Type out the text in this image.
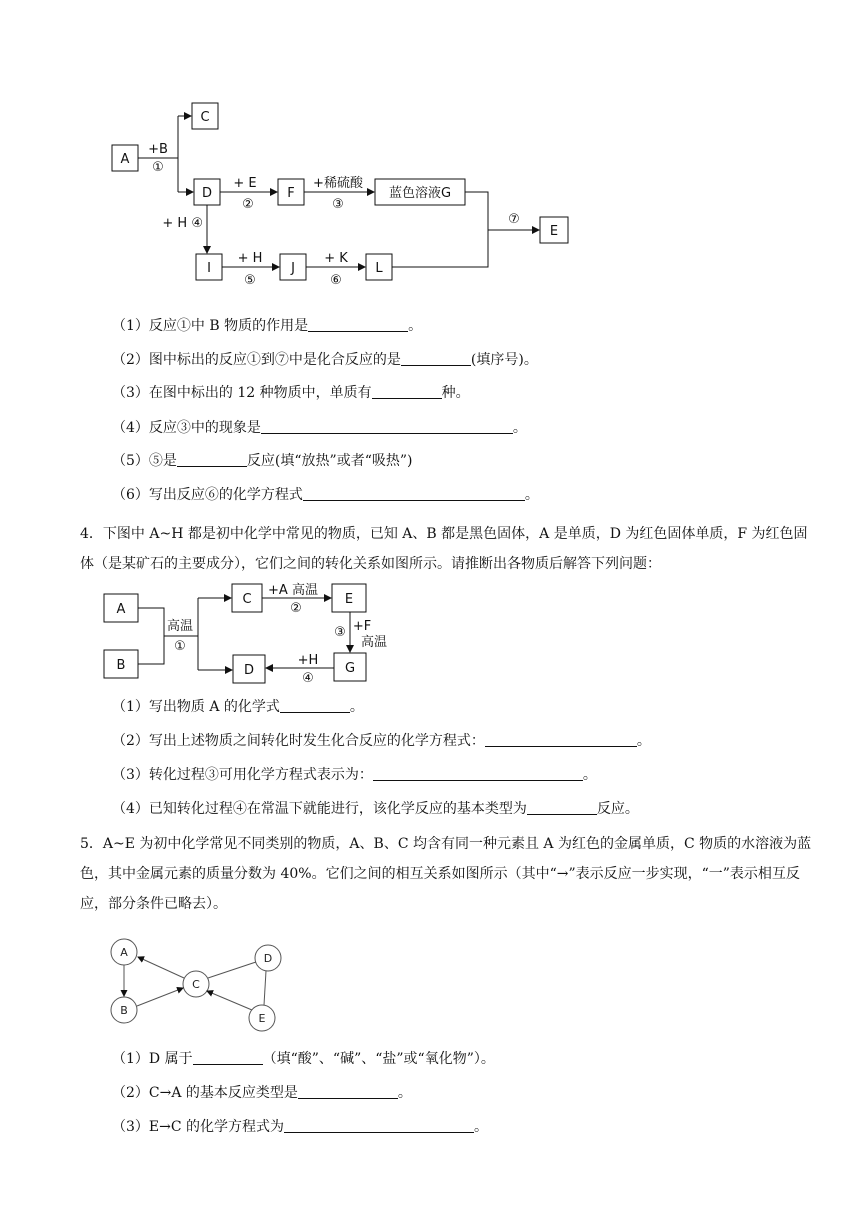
A
C
D	F	蓝色溶液G
E
I	J	L
+B
①
+ E
②
+稀硫酸
③
+ H ④
+ H
⑤
+ K
⑥
⑦
（1）反应①中 B 物质的作用是	。
（2）图中标出的反应①到⑦中是化合反应的是	(填序号)。
（3）在图中标出的 12 种物质中，单质有	种。
（4）反应③中的现象是	。
（5）⑤是	反应(填“放热”或者“吸热”)
（6）写出反应⑥的化学方程式	。
4．下图中 A~H 都是初中化学中常见的物质，已知 A、B 都是黑色固体，A 是单质，D 为红色固体单质，F 为红色固体（是某矿石的主要成分），它们之间的转化关系如图所示。请推断出各物质后解答下列问题：
A
B
C	E
D	G
高温
①
+A 高温
②
③ +F
高温
+H
④
（1）写出物质 A 的化学式	。
（2）写出上述物质之间转化时发生化合反应的化学方程式：	。
（3）转化过程③可用化学方程式表示为：	。
（4）已知转化过程④在常温下就能进行，该化学反应的基本类型为	反应。
5．A~E 为初中化学常见不同类别的物质，A、B、C 均含有同一种元素且 A 为红色的金属单质，C 物质的水溶液为蓝色，其中金属元素的质量分数为 40%。它们之间的相互关系如图所示（其中“→”表示反应一步实现，“一”表示相互反应，部分条件已略去）。
A
B
C
D
E
（1）D 属于	（填“酸”、“碱”、“盐”或“氧化物”）。
（2）C→A 的基本反应类型是	。
（3）E→C 的化学方程式为	。
